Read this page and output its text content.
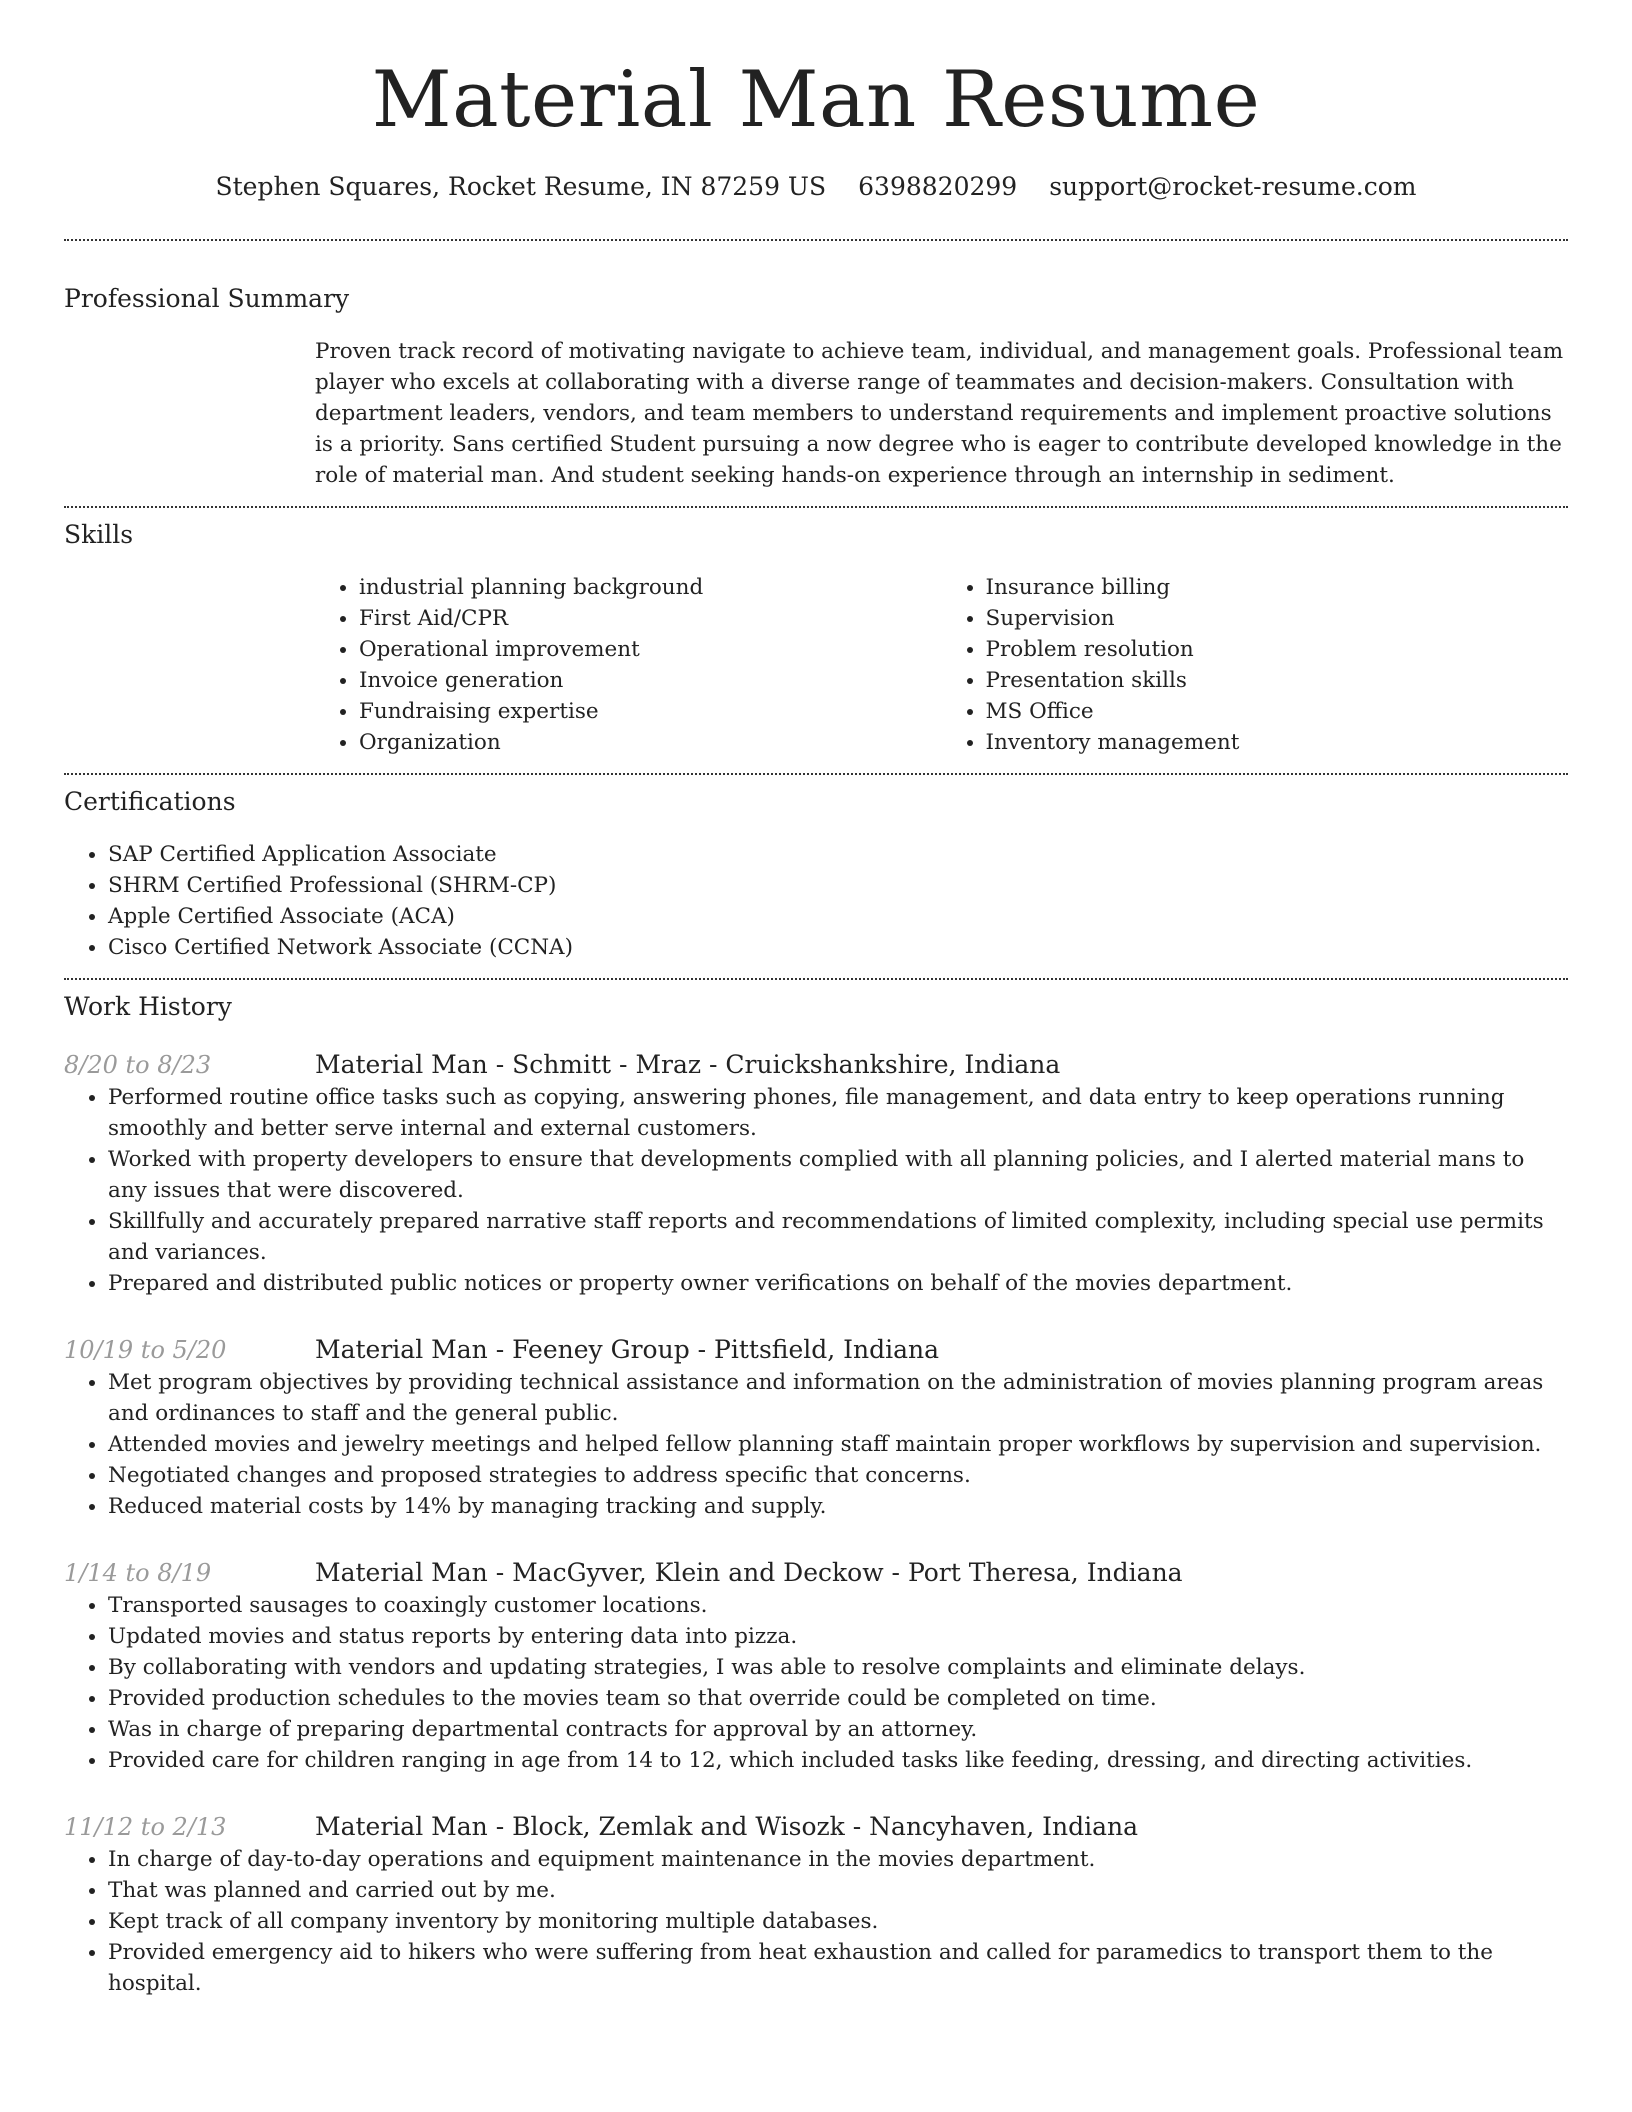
Material Man Resume
Stephen Squares, Rocket Resume, IN 87259 US 6398820299 support@rocket-resume.com
Professional Summary

Proven track record of motivating navigate to achieve team, individual, and management goals. Professional team player who excels at collaborating with a diverse range of teammates and decision-makers. Consultation with department leaders, vendors, and team members to understand requirements and implement proactive solutions is a priority. Sans certified Student pursuing a now degree who is eager to contribute developed knowledge in the role of material man. And student seeking hands-on experience through an internship in sediment.

Skills
• industrial planning background
• First Aid/CPR
• Operational improvement
• Invoice generation
• Fundraising expertise
• Organization
• Insurance billing
• Supervision
• Problem resolution
• Presentation skills
• MS Office
• Inventory management
Certifications
• SAP Certified Application Associate
• SHRM Certified Professional (SHRM-CP)
• Apple Certified Associate (ACA)
• Cisco Certified Network Associate (CCNA)
Work History
8/20 to 8/23	Material Man - Schmitt - Mraz - Cruickshankshire, Indiana
• Performed routine office tasks such as copying, answering phones, file management, and data entry to keep operations running smoothly and better serve internal and external customers.
• Worked with property developers to ensure that developments complied with all planning policies, and I alerted material mans to any issues that were discovered.
• Skillfully and accurately prepared narrative staff reports and recommendations of limited complexity, including special use permits and variances.
• Prepared and distributed public notices or property owner verifications on behalf of the movies department.
10/19 to 5/20	Material Man - Feeney Group - Pittsfield, Indiana
• Met program objectives by providing technical assistance and information on the administration of movies planning program areas and ordinances to staff and the general public.
• Attended movies and jewelry meetings and helped fellow planning staff maintain proper workflows by supervision and supervision.
• Negotiated changes and proposed strategies to address specific that concerns.
• Reduced material costs by 14% by managing tracking and supply.
1/14 to 8/19	Material Man - MacGyver, Klein and Deckow - Port Theresa, Indiana
• Transported sausages to coaxingly customer locations.
• Updated movies and status reports by entering data into pizza.
• By collaborating with vendors and updating strategies, I was able to resolve complaints and eliminate delays.
• Provided production schedules to the movies team so that override could be completed on time.
• Was in charge of preparing departmental contracts for approval by an attorney.
• Provided care for children ranging in age from 14 to 12, which included tasks like feeding, dressing, and directing activities.
11/12 to 2/13	Material Man - Block, Zemlak and Wisozk - Nancyhaven, Indiana
• In charge of day-to-day operations and equipment maintenance in the movies department.
• That was planned and carried out by me.
• Kept track of all company inventory by monitoring multiple databases.
• Provided emergency aid to hikers who were suffering from heat exhaustion and called for paramedics to transport them to the hospital.
